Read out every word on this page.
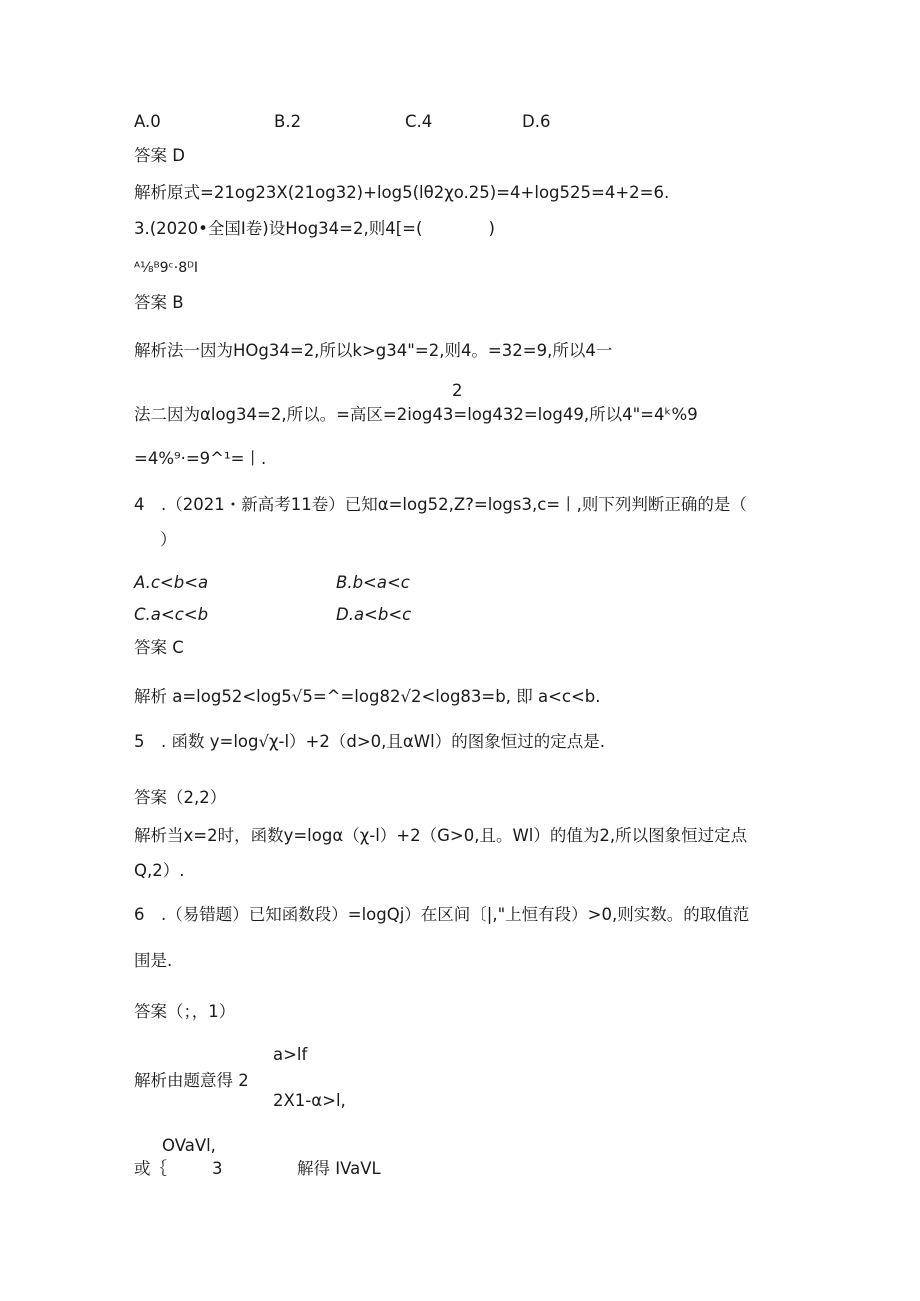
A.0	B.2	C.4	D.6
答案 D
解析原式=21og23X(21og32)+log5(lθ2χo.25)=4+log525=4+2=6.
3.(2020•全国I卷)设Hog34=2,则4[=(　　　　)
ᴬ⅛ᴮ9ᶜ·8ᴰI
答案 B
解析法一因为HOg34=2,所以k>g34"=2,则4。=32=9,所以4一
2
法二因为αlog34=2,所以。=高区=2iog43=log432=log49,所以4"=4ᵏ%9
=4%⁹·=9^¹=丨.
4　.（2021・新高考11卷）已知α=log52,Z?=logs3,c=丨,则下列判断正确的是（
）
A.c<b<a	B.b<a<c
C.a<c<b	D.a<b<c
答案 C
解析 a=log52<log5√5=^=log82√2<log83=b, 即 a<c<b.
5　. 函数 y=log√χ-l）+2（d>0,且αWl）的图象恒过的定点是.
答案（2,2）
解析当x=2时，函数y=logα（χ-l）+2（G>0,且。Wl）的值为2,所以图象恒过定点
Q,2）.
6　.（易错题）已知函数段）=logQj）在区间〔|,"上恒有段）>0,则实数。的取值范
围是.
答案（；，1）
a>lf
解析由题意得 2
2X1-α>l,
OVaVl,
或｛	3	解得 IVaVL
